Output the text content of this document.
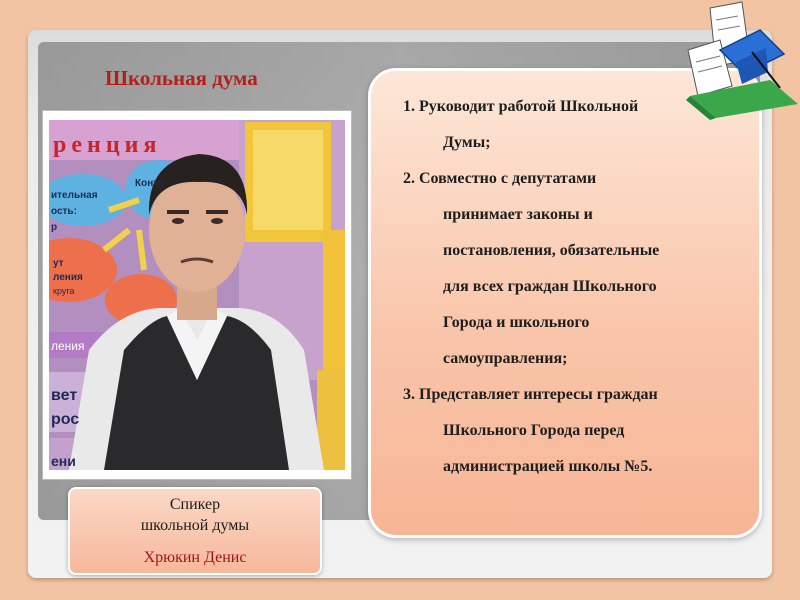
Школьная дума
ренция
ительная
ость:
р
Контр
ут
ления
круга
ления
вет
рос
ени
1. Руководит работой Школьной
Думы;
2. Совместно с депутатами
принимает законы и
постановления, обязательные
для всех граждан Школьного
Города и школьного
самоуправления;
3. Представляет интересы граждан
Школьного Города перед
администрацией школы №5.
Спикер
школьной думы
Хрюкин Денис
